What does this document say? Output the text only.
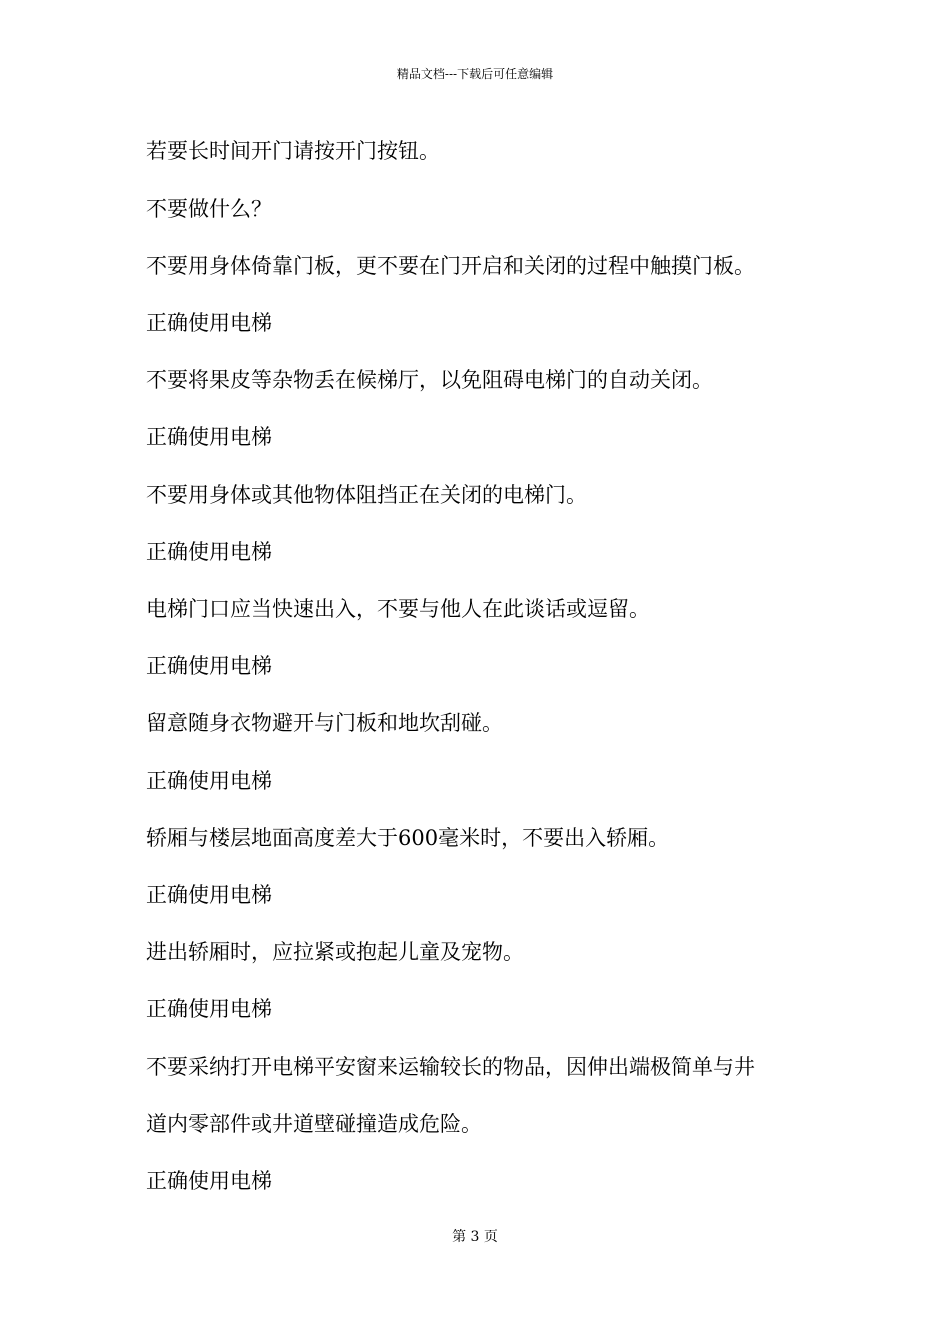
精品文档---下载后可任意编辑
若要长时间开门请按开门按钮。
不要做什么？
不要用身体倚靠门板，更不要在门开启和关闭的过程中触摸门板。
正确使用电梯
不要将果皮等杂物丢在候梯厅，以免阻碍电梯门的自动关闭。
正确使用电梯
不要用身体或其他物体阻挡正在关闭的电梯门。
正确使用电梯
电梯门口应当快速出入，不要与他人在此谈话或逗留。
正确使用电梯
留意随身衣物避开与门板和地坎刮碰。
正确使用电梯
轿厢与楼层地面高度差大于600毫米时，不要出入轿厢。
正确使用电梯
进出轿厢时，应拉紧或抱起儿童及宠物。
正确使用电梯
不要采纳打开电梯平安窗来运输较长的物品，因伸出端极简单与井
道内零部件或井道壁碰撞造成危险。
正确使用电梯
第 3 页
